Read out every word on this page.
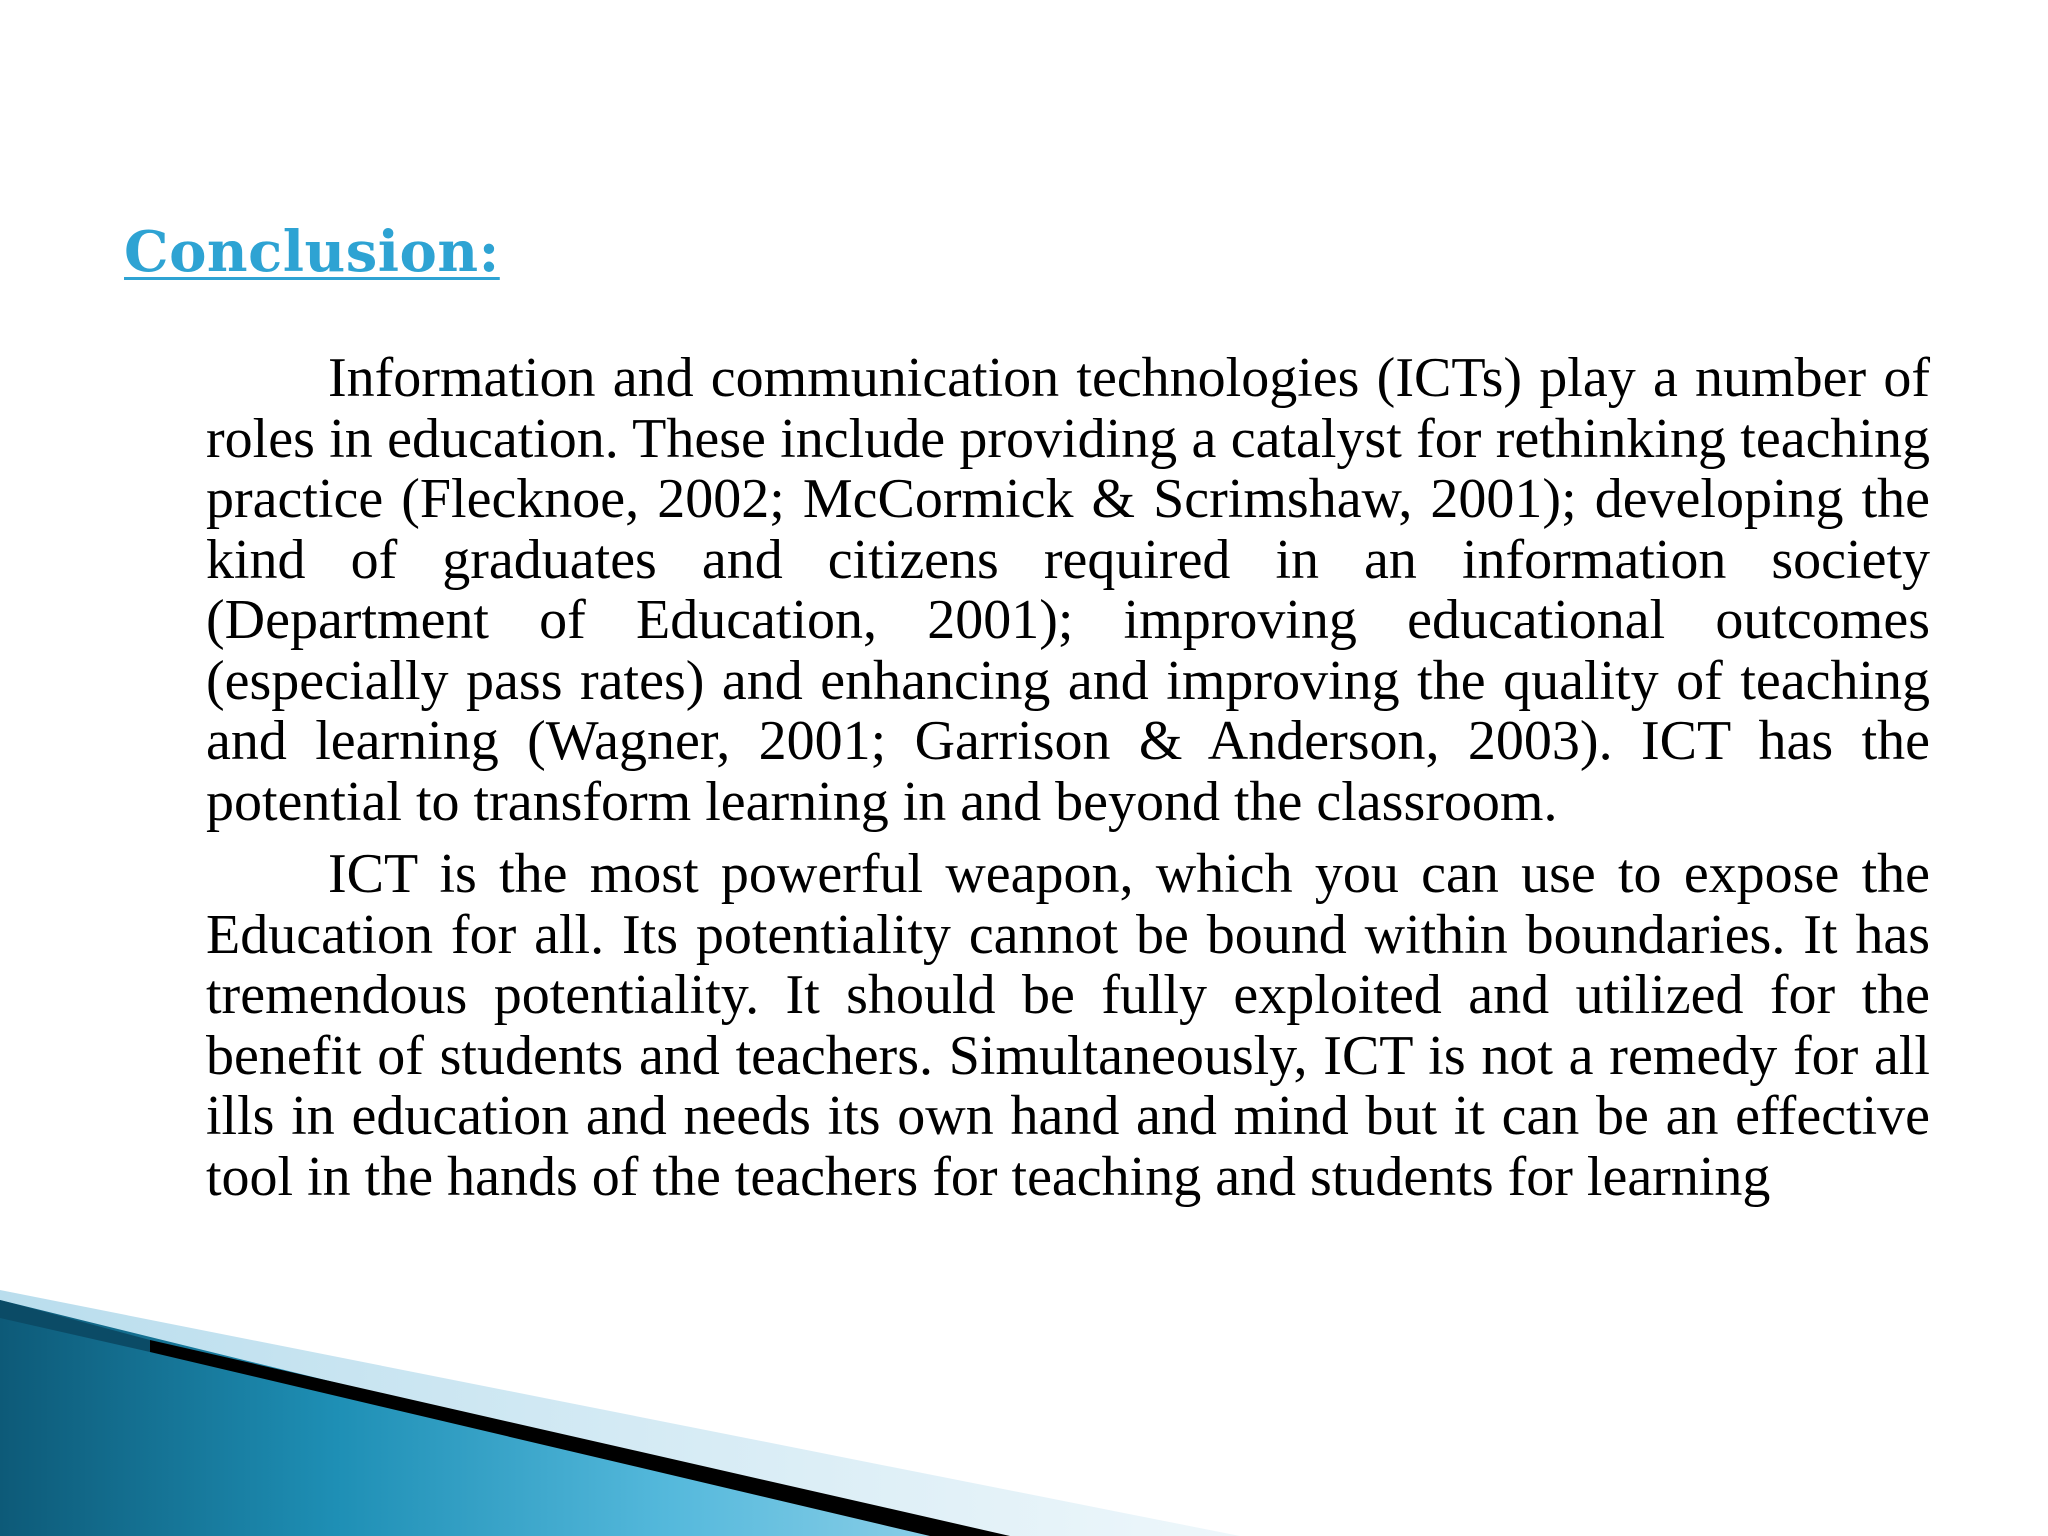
Conclusion:

Information and communication technologies (ICTs) play a number of roles in education. These include providing a catalyst for rethinking teaching practice (Flecknoe, 2002; McCormick & Scrimshaw, 2001); developing the kind of graduates and citizens required in an information society (Department of Education, 2001); improving educational outcomes (especially pass rates) and enhancing and improving the quality of teaching and learning (Wagner, 2001; Garrison & Anderson, 2003). ICT has the potential to transform learning in and beyond the classroom.

ICT is the most powerful weapon, which you can use to expose the Education for all. Its potentiality cannot be bound within boundaries. It has tremendous potentiality. It should be fully exploited and utilized for the benefit of students and teachers. Simultaneously, ICT is not a remedy for all ills in education and needs its own hand and mind but it can be an effective tool in the hands of the teachers for teaching and students for learning
